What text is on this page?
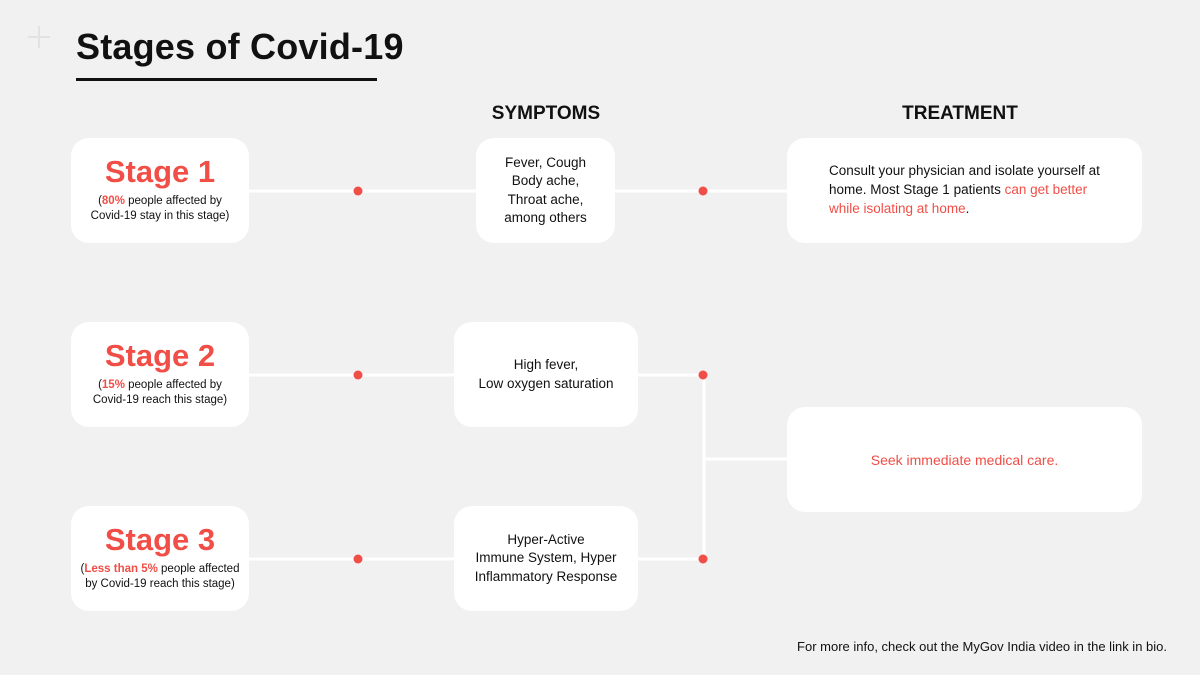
Stages of Covid-19
SYMPTOMS	TREATMENT
Stage 1
(80% people affected by
Covid-19 stay in this stage)
Stage 2
(15% people affected by
Covid-19 reach this stage)
Stage 3
(Less than 5% people affected
by Covid-19 reach this stage)
Fever, Cough
Body ache,
Throat ache,
among others
High fever,
Low oxygen saturation
Hyper-Active
Immune System, Hyper
Inflammatory Response
Consult your physician and isolate yourself at
home. Most Stage 1 patients can get better
while isolating at home.
Seek immediate medical care.
For more info, check out the MyGov India video in the link in bio.
